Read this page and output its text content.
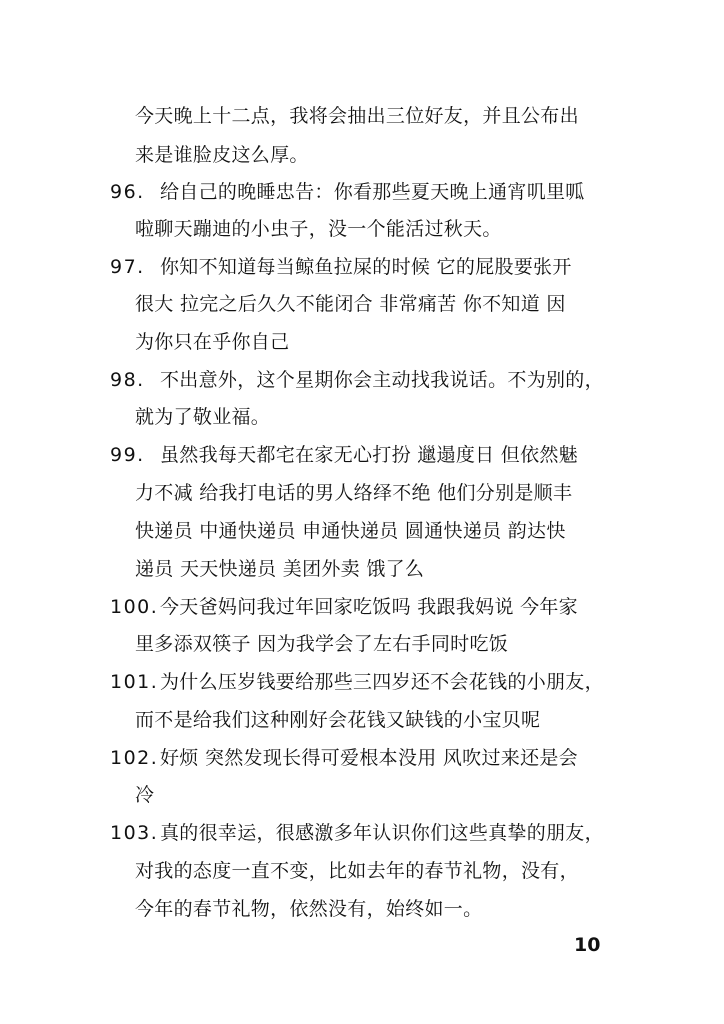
今天晚上十二点，我将会抽出三位好友，并且公布出
来是谁脸皮这么厚。
96. 给自己的晚睡忠告：你看那些夏天晚上通宵叽里呱
啦聊天蹦迪的小虫子，没一个能活过秋天。
97. 你知不知道每当鲸鱼拉屎的时候 它的屁股要张开
很大 拉完之后久久不能闭合 非常痛苦 你不知道 因
为你只在乎你自己
98. 不出意外，这个星期你会主动找我说话。不为别的，
就为了敬业福。
99. 虽然我每天都宅在家无心打扮 邋遢度日 但依然魅
力不减 给我打电话的男人络绎不绝 他们分别是顺丰
快递员 中通快递员 申通快递员 圆通快递员 韵达快
递员 天天快递员 美团外卖 饿了么
100.今天爸妈问我过年回家吃饭吗 我跟我妈说 今年家
里多添双筷子 因为我学会了左右手同时吃饭
101.为什么压岁钱要给那些三四岁还不会花钱的小朋友，
而不是给我们这种刚好会花钱又缺钱的小宝贝呢
102.好烦 突然发现长得可爱根本没用 风吹过来还是会
冷
103.真的很幸运，很感激多年认识你们这些真挚的朋友，
对我的态度一直不变，比如去年的春节礼物，没有，
今年的春节礼物，依然没有，始终如一。
10
